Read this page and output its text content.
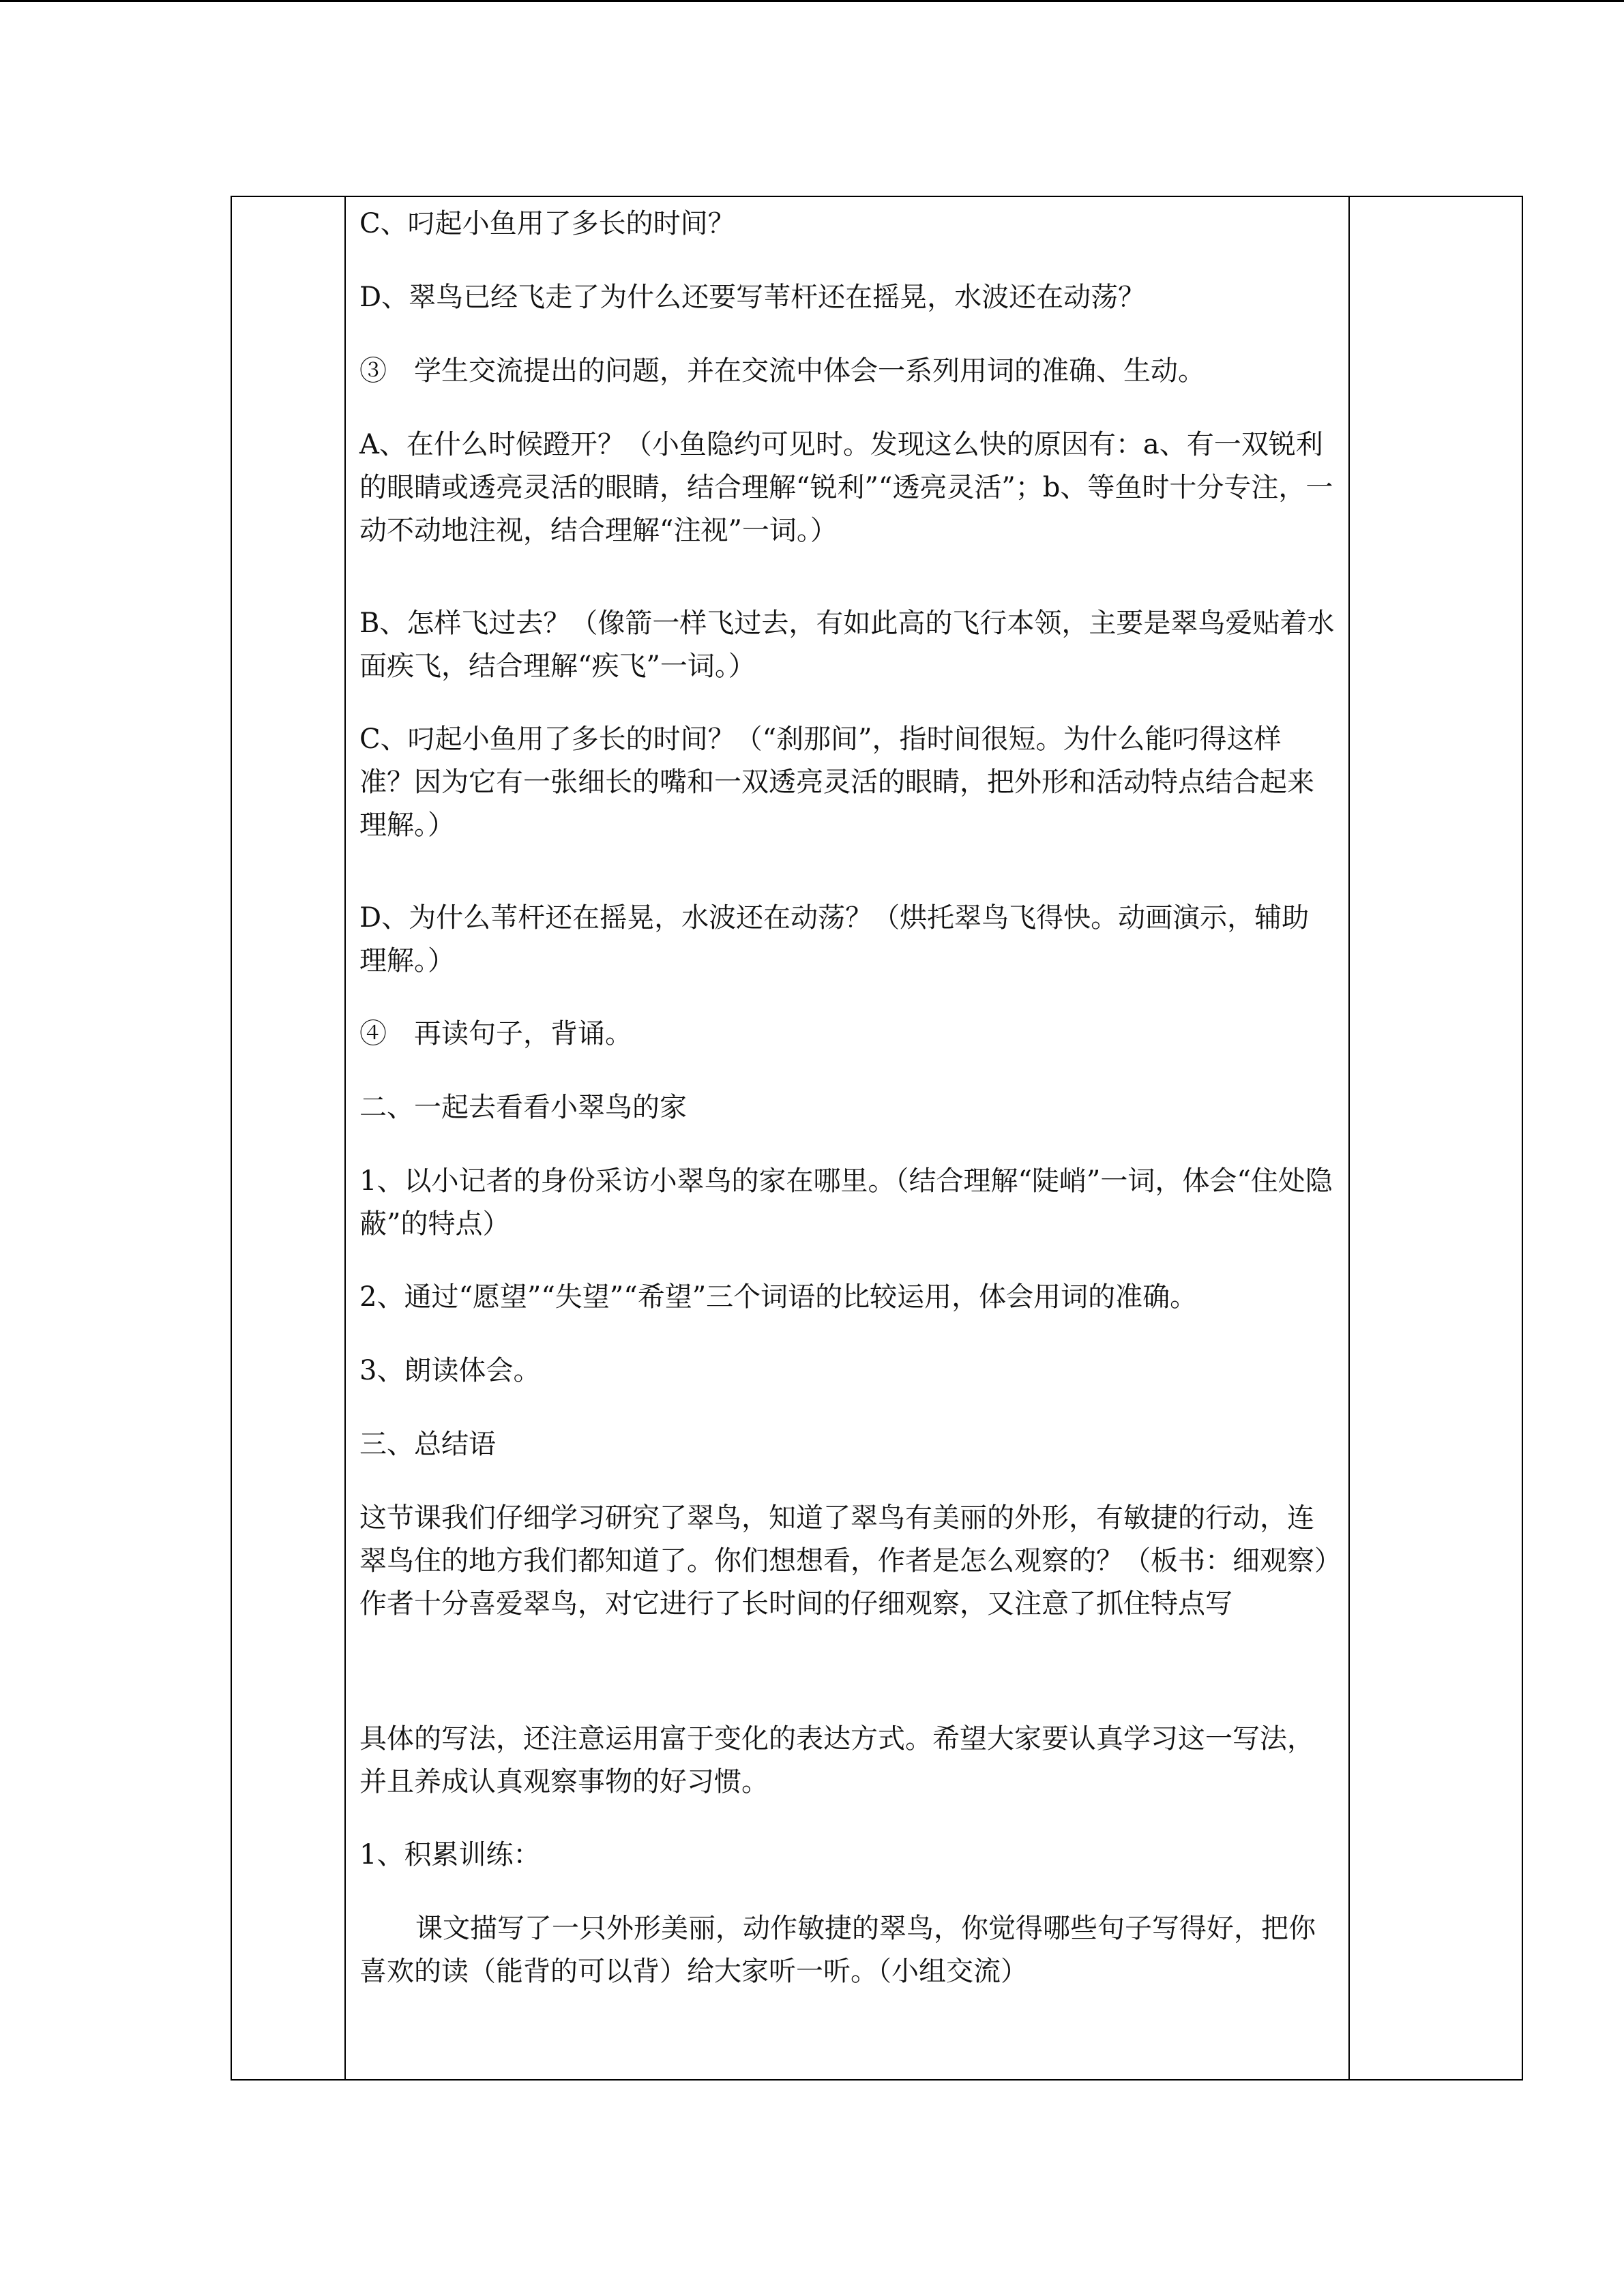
C、叼起小鱼用了多长的时间？

D、翠鸟已经飞走了为什么还要写苇杆还在摇晃，水波还在动荡？

③　学生交流提出的问题，并在交流中体会一系列用词的准确、生动。

A、在什么时候蹬开？（小鱼隐约可见时。发现这么快的原因有：a、有一双锐利的眼睛或透亮灵活的眼睛，结合理解“锐利”“透亮灵活”；b、等鱼时十分专注，一动不动地注视，结合理解“注视”一词。）

B、怎样飞过去？（像箭一样飞过去，有如此高的飞行本领，主要是翠鸟爱贴着水面疾飞，结合理解“疾飞”一词。）

C、叼起小鱼用了多长的时间？（“刹那间”，指时间很短。为什么能叼得这样准？因为它有一张细长的嘴和一双透亮灵活的眼睛，把外形和活动特点结合起来理解。）

D、为什么苇杆还在摇晃，水波还在动荡？（烘托翠鸟飞得快。动画演示，辅助理解。）

④　再读句子，背诵。

二、一起去看看小翠鸟的家

1、以小记者的身份采访小翠鸟的家在哪里。（结合理解“陡峭”一词，体会“住处隐蔽”的特点）

2、通过“愿望”“失望”“希望”三个词语的比较运用，体会用词的准确。

3、朗读体会。

三、总结语

这节课我们仔细学习研究了翠鸟，知道了翠鸟有美丽的外形，有敏捷的行动，连翠鸟住的地方我们都知道了。你们想想看，作者是怎么观察的？（板书：细观察）作者十分喜爱翠鸟，对它进行了长时间的仔细观察，又注意了抓住特点写

具体的写法，还注意运用富于变化的表达方式。希望大家要认真学习这一写法，并且养成认真观察事物的好习惯。

1、积累训练：

课文描写了一只外形美丽，动作敏捷的翠鸟，你觉得哪些句子写得好，把你喜欢的读（能背的可以背）给大家听一听。（小组交流）
